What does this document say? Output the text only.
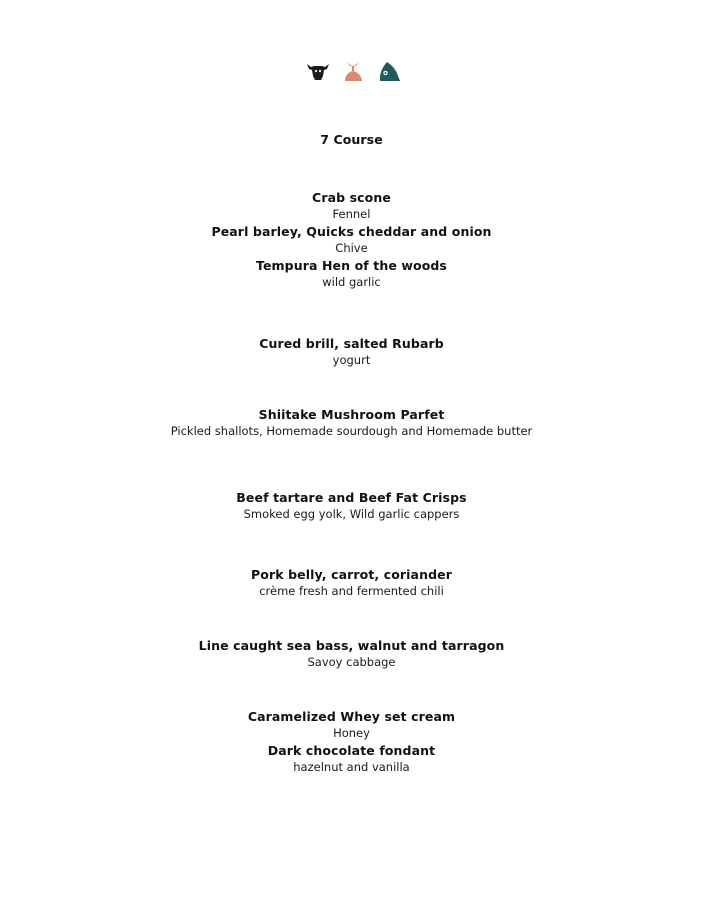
7 Course
Crab scone
Fennel
Pearl barley, Quicks cheddar and onion
Chive
Tempura Hen of the woods
wild garlic
Cured brill, salted Rubarb
yogurt
Shiitake Mushroom Parfet
Pickled shallots, Homemade sourdough and Homemade butter
Beef tartare and Beef Fat Crisps
Smoked egg yolk, Wild garlic cappers
Pork belly, carrot, coriander
crème fresh and fermented chili
Line caught sea bass, walnut and tarragon
Savoy cabbage
Caramelized Whey set cream
Honey
Dark chocolate fondant
hazelnut and vanilla
